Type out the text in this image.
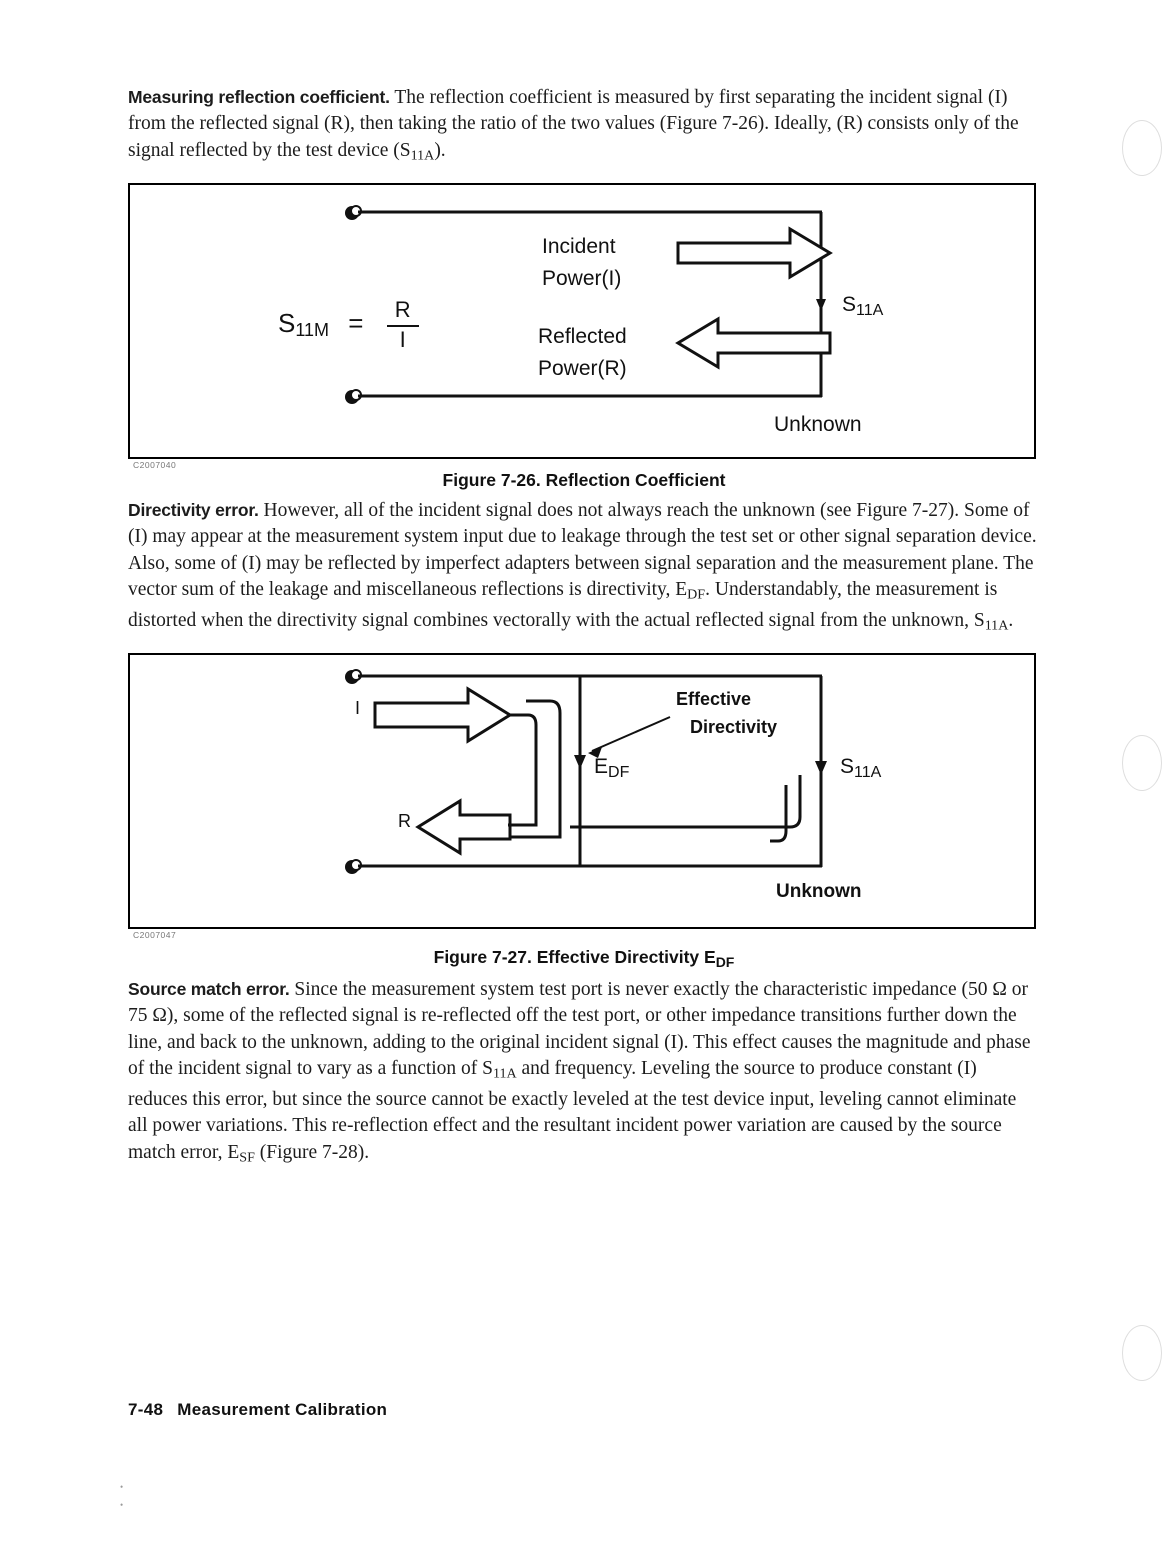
•
•

Measuring reflection coefficient. The reflection coefficient is measured by first separating the incident signal (I) from the reflected signal (R), then taking the ratio of the two values (Figure 7-26). Ideally, (R) consists only of the signal reflected by the test device $(S_{11A})$.

$S11M = \frac{R}{I}$
Incident
Power(I)
Reflected
Power(R)
S11A
Unknown
C2007040
Figure 7-26. Reflection Coefficient

Directivity error. However, all of the incident signal does not always reach the unknown (see Figure 7-27). Some of (I) may appear at the measurement system input due to leakage through the test set or other signal separation device. Also, some of (I) may be reflected by imperfect adapters between signal separation and the measurement plane. The vector sum of the leakage and miscellaneous reflections is directivity, $E_{DF}$. Understandably, the measurement is distorted when the directivity signal combines vectorally with the actual reflected signal from the unknown, $S_{11A}$.

I
R
Effective
Directivity
EDF	S11A
Unknown
C2007047
Figure 7-27. Effective Directivity $E_{DF}$

Source match error. Since the measurement system test port is never exactly the characteristic impedance (50 Ω or 75 Ω), some of the reflected signal is re-reflected off the test port, or other impedance transitions further down the line, and back to the unknown, adding to the original incident signal (I). This effect causes the magnitude and phase of the incident signal to vary as a function of $S_{11A}$ and frequency. Leveling the source to produce constant (I) reduces this error, but since the source cannot be exactly leveled at the test device input, leveling cannot eliminate all power variations. This re-reflection effect and the resultant incident power variation are caused by the source match error, $E_{SF}$ (Figure 7-28).

7-48 Measurement Calibration
